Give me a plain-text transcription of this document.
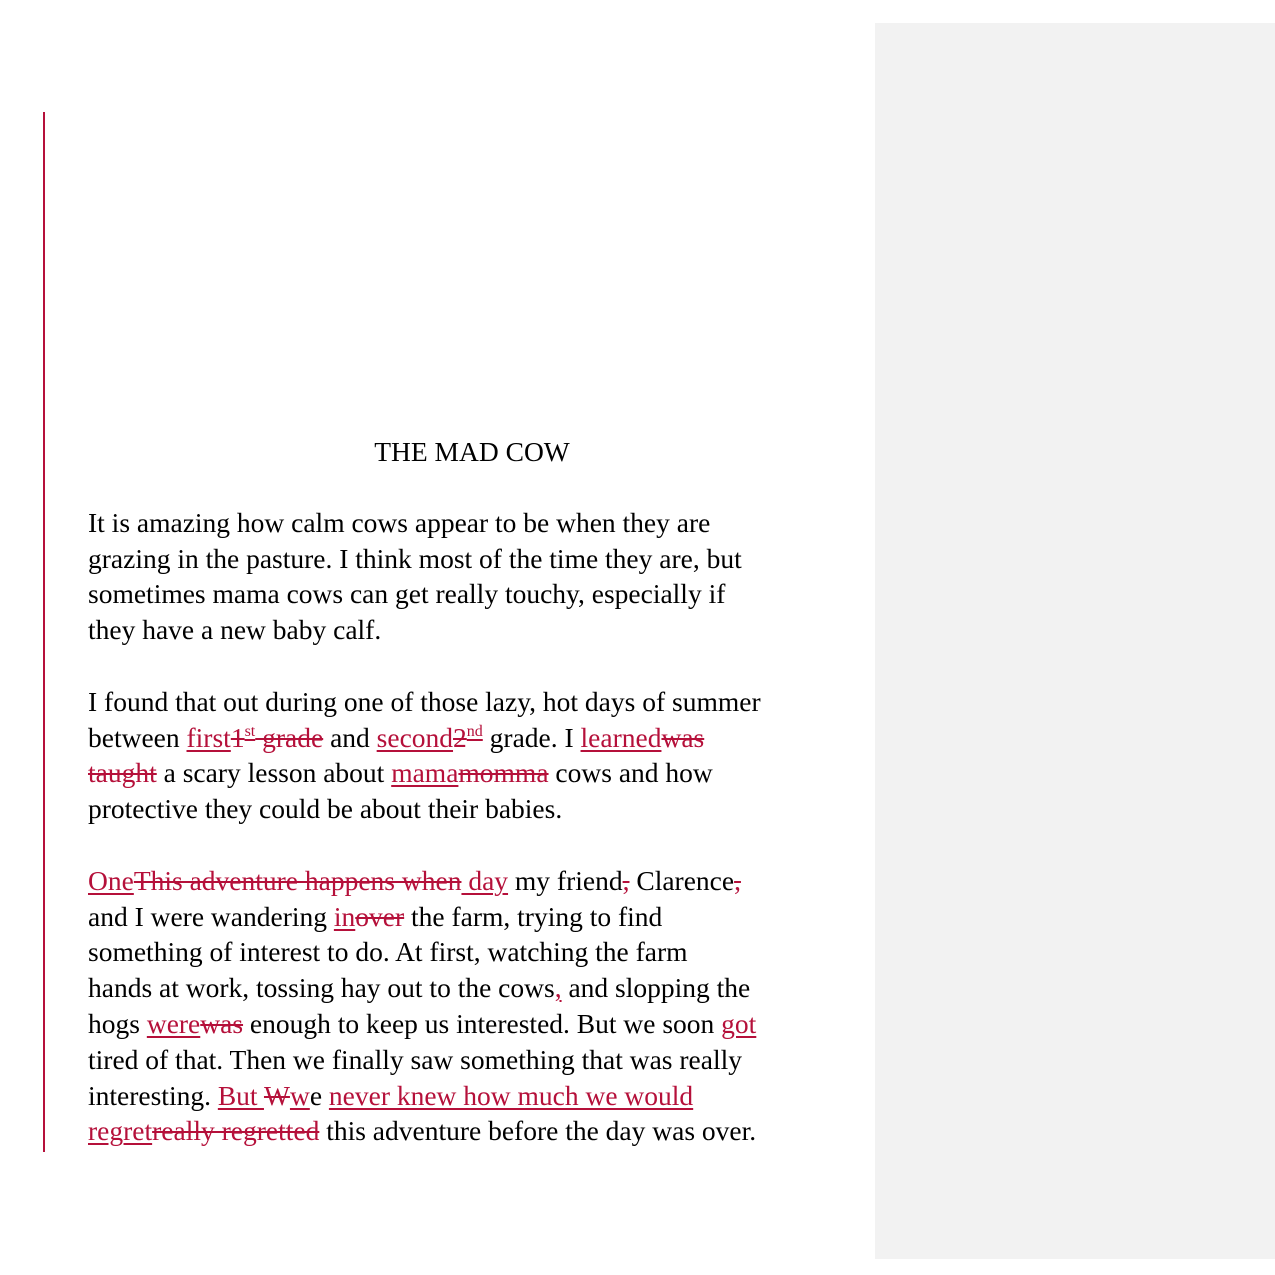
THE MAD COW

It is amazing how calm cows appear to be when they are
grazing in the pasture. I think most of the time they are, but
sometimes mama cows can get really touchy, especially if
they have a new baby calf.

I found that out during one of those lazy, hot days of summer
between first1st grade and second2nd grade. I learnedwas
taught a scary lesson about mamamomma cows and how
protective they could be about their babies.

OneThis adventure happens when day my friend, Clarence,
and I were wandering inover the farm, trying to find
something of interest to do. At first, watching the farm
hands at work, tossing hay out to the cows, and slopping the
hogs werewas enough to keep us interested. But we soon got
tired of that. Then we finally saw something that was really
interesting. But Wwe never knew how much we would
regretreally regretted this adventure before the day was over.
